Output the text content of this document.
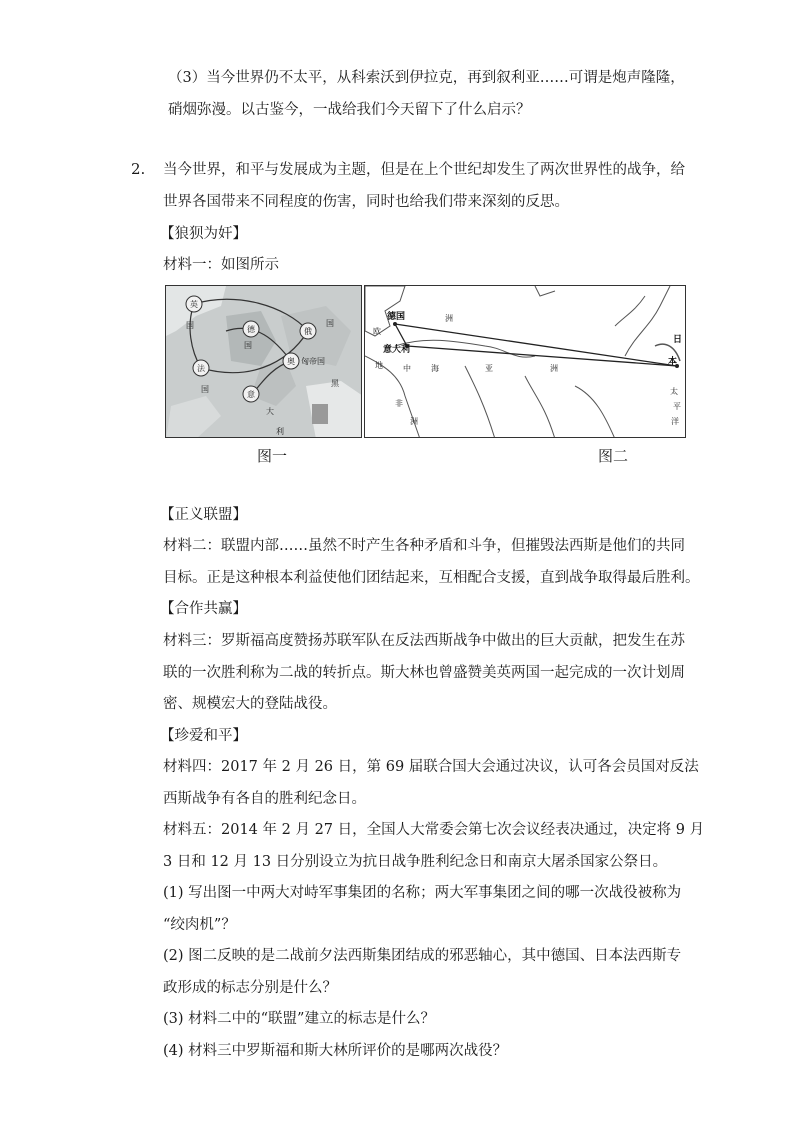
（3）当今世界仍不太平，从科索沃到伊拉克，再到叙利亚……可谓是炮声隆隆，
硝烟弥漫。以古鉴今，一战给我们今天留下了什么启示？
2. 当今世界，和平与发展成为主题，但是在上个世纪却发生了两次世界性的战争，给
世界各国带来不同程度的伤害，同时也给我们带来深刻的反思。
【狼狈为奸】
材料一：如图所示
英
德	俄
奥
法
意
国
国
匈帝国
大
利
国
国
黑
德国
意大利
日
本
欧
洲
地	中	海	亚	洲
非
洲
太
平
洋
图一	图二
【正义联盟】
材料二：联盟内部……虽然不时产生各种矛盾和斗争，但摧毁法西斯是他们的共同
目标。正是这种根本利益使他们团结起来，互相配合支援，直到战争取得最后胜利。
【合作共赢】
材料三：罗斯福高度赞扬苏联军队在反法西斯战争中做出的巨大贡献，把发生在苏
联的一次胜利称为二战的转折点。斯大林也曾盛赞美英两国一起完成的一次计划周
密、规模宏大的登陆战役。
【珍爱和平】
材料四：2017 年 2 月 26 日，第 69 届联合国大会通过决议，认可各会员国对反法
西斯战争有各自的胜利纪念日。
材料五：2014 年 2 月 27 日，全国人大常委会第七次会议经表决通过，决定将 9 月
3 日和 12 月 13 日分别设立为抗日战争胜利纪念日和南京大屠杀国家公祭日。
(1) 写出图一中两大对峙军事集团的名称；两大军事集团之间的哪一次战役被称为
“绞肉机”？
(2) 图二反映的是二战前夕法西斯集团结成的邪恶轴心，其中德国、日本法西斯专
政形成的标志分别是什么？
(3) 材料二中的“联盟”建立的标志是什么？
(4) 材料三中罗斯福和斯大林所评价的是哪两次战役？
